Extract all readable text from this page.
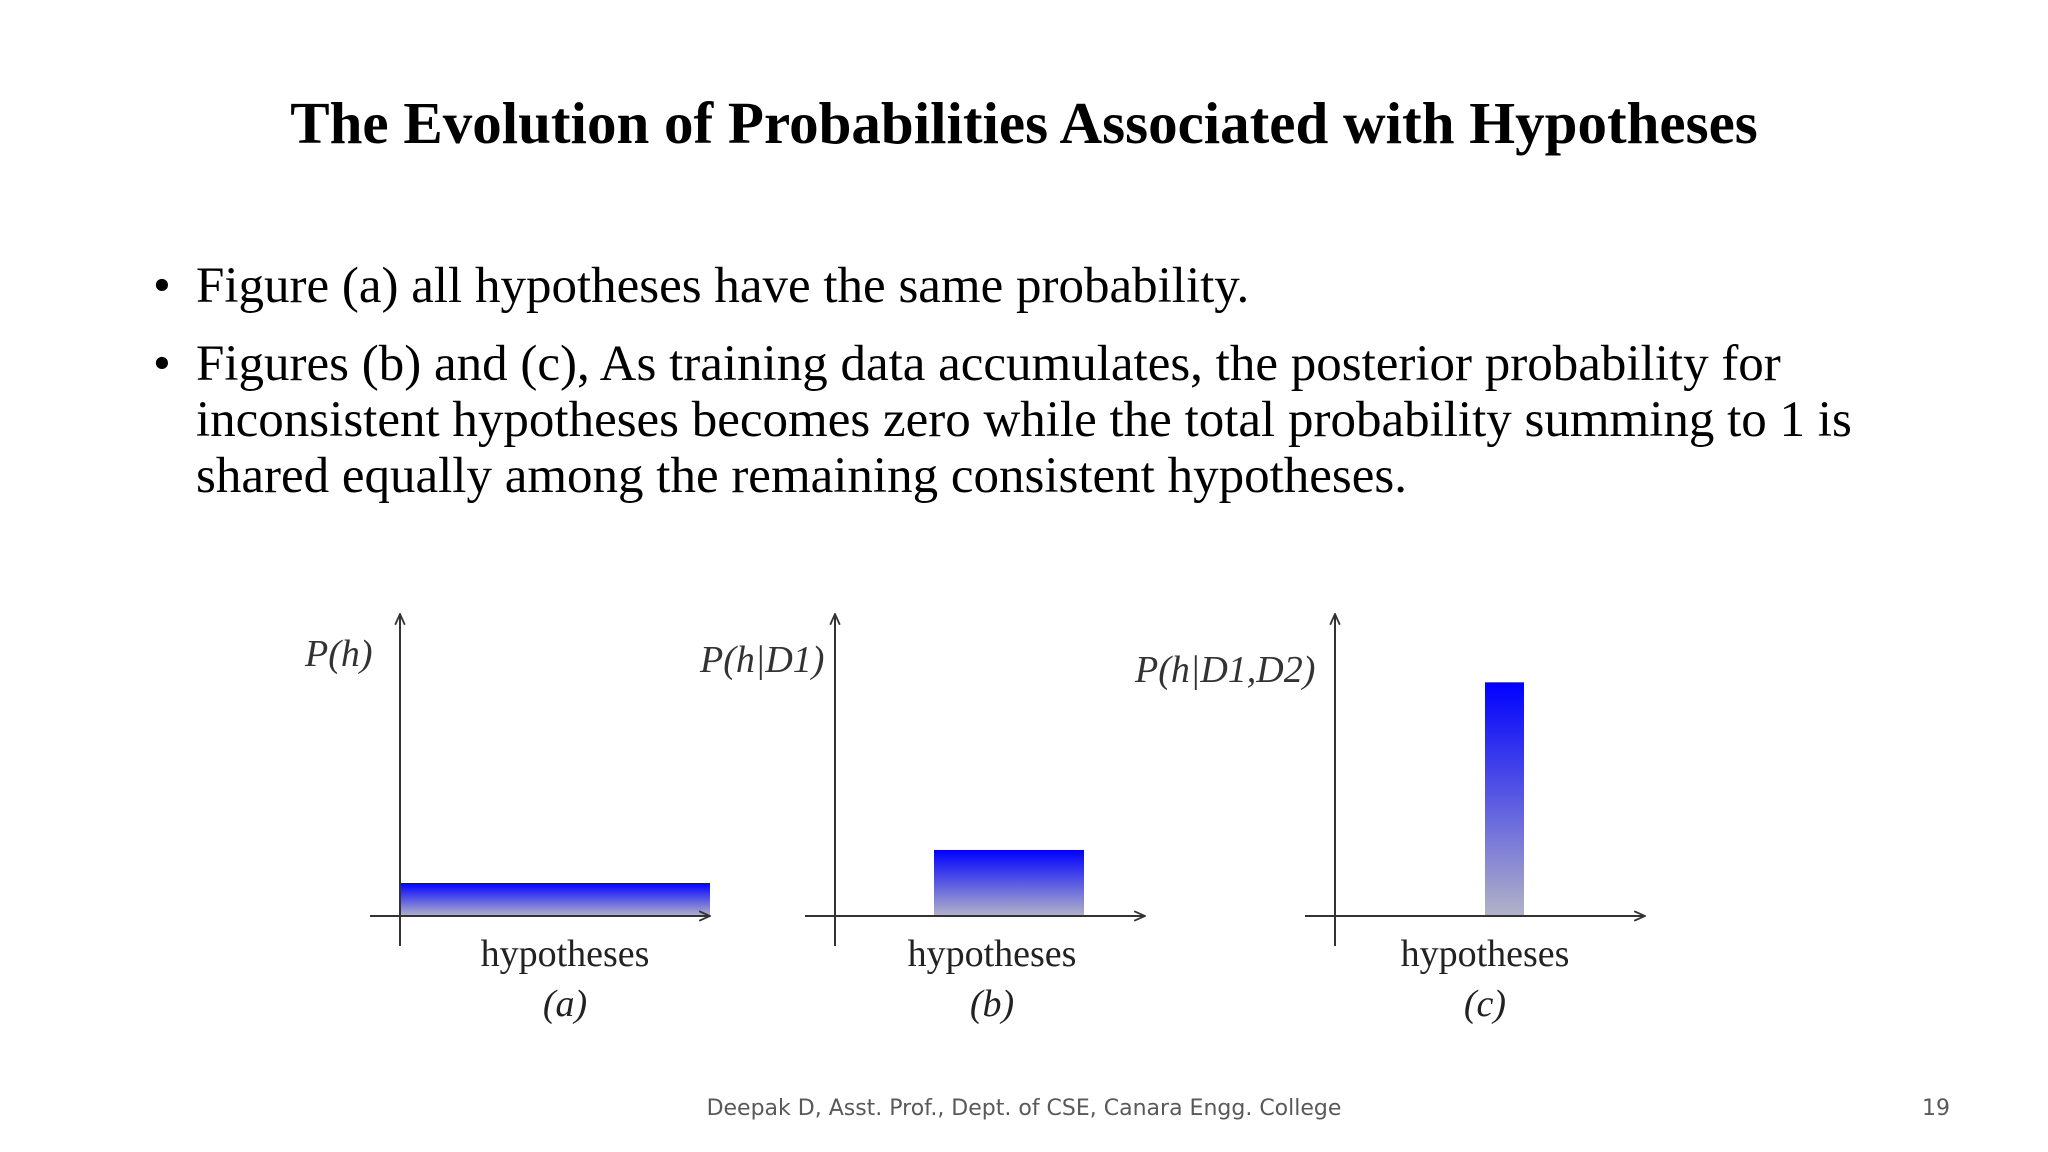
The Evolution of Probabilities Associated with Hypotheses
• Figure (a) all hypotheses have the same probability.
• Figures (b) and (c), As training data accumulates, the posterior probability for inconsistent hypotheses becomes zero while the total probability summing to 1 is shared equally among the remaining consistent hypotheses.
P(h)
hypotheses
(a)
P(h|D1)
hypotheses
(b)
P(h|D1,D2)
hypotheses
(c)
Deepak D, Asst. Prof., Dept. of CSE, Canara Engg. College	19
